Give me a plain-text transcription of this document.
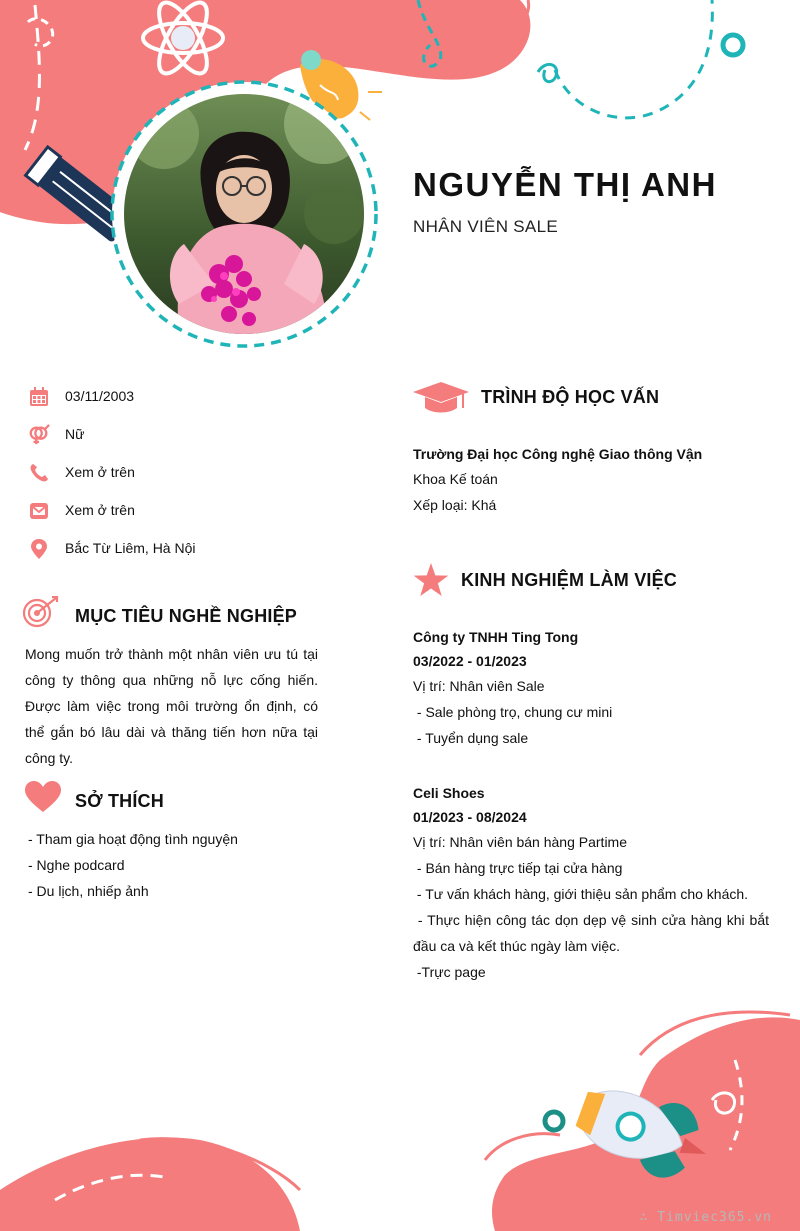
NGUYỄN THỊ ANH
NHÂN VIÊN SALE
03/11/2003
Nữ
Xem ở trên
Xem ở trên
Bắc Từ Liêm, Hà Nội
MỤC TIÊU NGHỀ NGHIỆP
Mong muốn trở thành một nhân viên ưu tú tại công ty thông qua những nỗ lực cống hiến. Được làm việc trong môi trường ổn định, có thể gắn bó lâu dài và thăng tiến hơn nữa tại công ty.
SỞ THÍCH
- Tham gia hoạt động tình nguyện
- Nghe podcard
- Du lịch, nhiếp ảnh
TRÌNH ĐỘ HỌC VẤN
Trường Đại học Công nghệ Giao thông Vận
Khoa Kế toán
Xếp loại: Khá
KINH NGHIỆM LÀM VIỆC
Công ty TNHH Ting Tong
03/2022 - 01/2023
Vị trí: Nhân viên Sale
- Sale phòng trọ, chung cư mini
- Tuyển dụng sale
Celi Shoes
01/2023 - 08/2024
Vị trí: Nhân viên bán hàng Partime
- Bán hàng trực tiếp tại cửa hàng
- Tư vấn khách hàng, giới thiệu sản phẩm cho khách.
- Thực hiện công tác dọn dẹp vệ sinh cửa hàng khi bắt đầu ca và kết thúc ngày làm việc.
-Trực page
∴ Timviec365.vn
